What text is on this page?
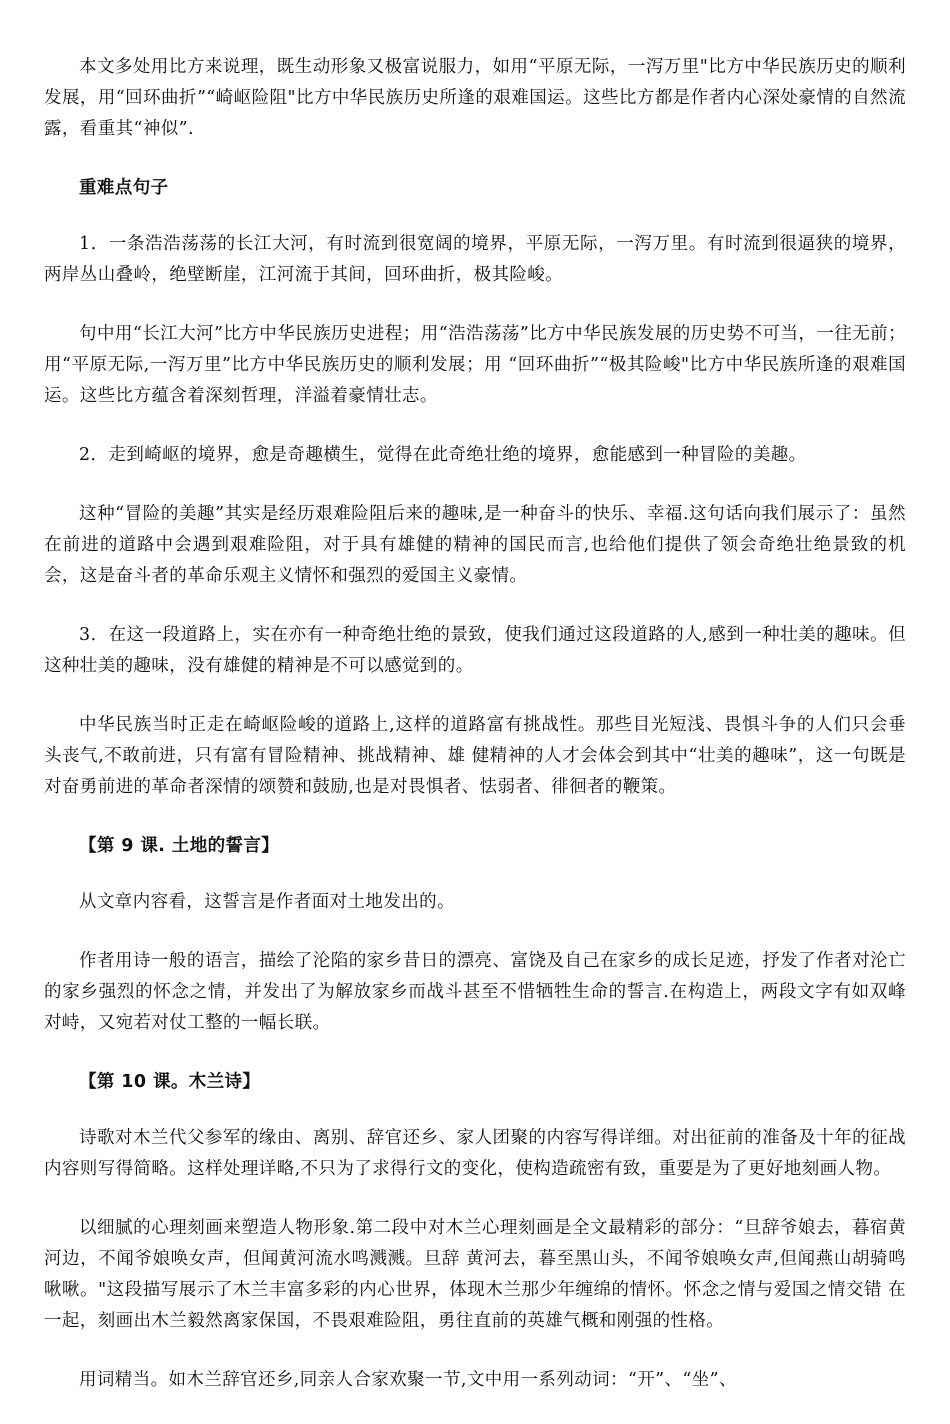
本文多处用比方来说理，既生动形象又极富说服力，如用“平原无际，一泻万里"比方中华民族历史的顺利发展，用“回环曲折”“崎岖险阻"比方中华民族历史所逢的艰难国运。这些比方都是作者内心深处豪情的自然流露，看重其“神似”.

重难点句子

1．一条浩浩荡荡的长江大河，有时流到很宽阔的境界，平原无际，一泻万里。有时流到很逼狭的境界，两岸丛山叠岭，绝壁断崖，江河流于其间，回环曲折，极其险峻。

句中用“长江大河”比方中华民族历史进程；用“浩浩荡荡”比方中华民族发展的历史势不可当，一往无前；用“平原无际,一泻万里”比方中华民族历史的顺利发展；用 “回环曲折”“极其险峻"比方中华民族所逢的艰难国运。这些比方蕴含着深刻哲理，洋溢着豪情壮志。

2．走到崎岖的境界，愈是奇趣横生，觉得在此奇绝壮绝的境界，愈能感到一种冒险的美趣。

这种“冒险的美趣”其实是经历艰难险阻后来的趣味,是一种奋斗的快乐、幸福.这句话向我们展示了：虽然在前进的道路中会遇到艰难险阻，对于具有雄健的精神的国民而言,也给他们提供了领会奇绝壮绝景致的机会，这是奋斗者的革命乐观主义情怀和强烈的爱国主义豪情。

3．在这一段道路上，实在亦有一种奇绝壮绝的景致，使我们通过这段道路的人,感到一种壮美的趣味。但这种壮美的趣味，没有雄健的精神是不可以感觉到的。

中华民族当时正走在崎岖险峻的道路上,这样的道路富有挑战性。那些目光短浅、畏惧斗争的人们只会垂头丧气,不敢前进，只有富有冒险精神、挑战精神、雄 健精神的人才会体会到其中“壮美的趣味”，这一句既是对奋勇前进的革命者深情的颂赞和鼓励,也是对畏惧者、怯弱者、徘徊者的鞭策。

【第 9 课. 土地的誓言】

从文章内容看，这誓言是作者面对土地发出的。

作者用诗一般的语言，描绘了沦陷的家乡昔日的漂亮、富饶及自己在家乡的成长足迹，抒发了作者对沦亡的家乡强烈的怀念之情，并发出了为解放家乡而战斗甚至不惜牺牲生命的誓言.在构造上，两段文字有如双峰对峙，又宛若对仗工整的一幅长联。

【第 10 课。木兰诗】

诗歌对木兰代父参军的缘由、离别、辞官还乡、家人团聚的内容写得详细。对出征前的准备及十年的征战内容则写得简略。这样处理详略,不只为了求得行文的变化，使构造疏密有致，重要是为了更好地刻画人物。

以细腻的心理刻画来塑造人物形象.第二段中对木兰心理刻画是全文最精彩的部分：“旦辞爷娘去，暮宿黄河边，不闻爷娘唤女声，但闻黄河流水鸣溅溅。旦辞 黄河去，暮至黑山头，不闻爷娘唤女声,但闻燕山胡骑鸣啾啾。"这段描写展示了木兰丰富多彩的内心世界，体现木兰那少年缠绵的情怀。怀念之情与爱国之情交错 在一起，刻画出木兰毅然离家保国，不畏艰难险阻，勇往直前的英雄气概和刚强的性格。

用词精当。如木兰辞官还乡,同亲人合家欢聚一节,文中用一系列动词：“开”、“坐”、
